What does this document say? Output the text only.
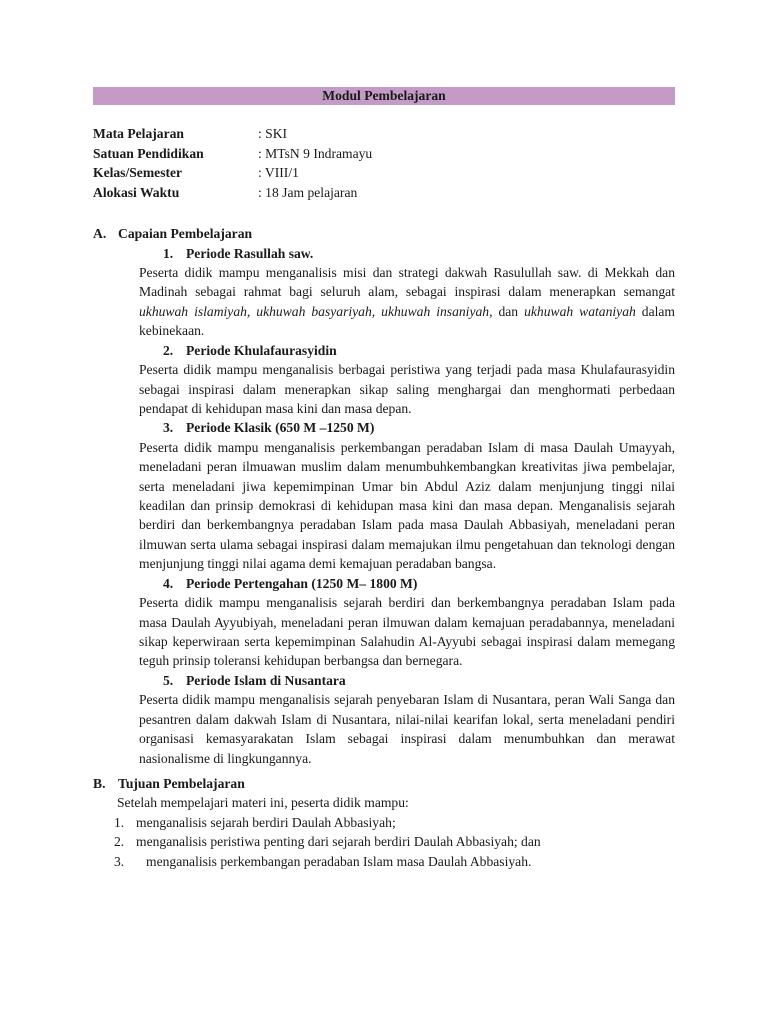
Modul Pembelajaran
Mata Pelajaran	: SKI
Satuan Pendidikan	: MTsN 9 Indramayu
Kelas/Semester	: VIII/1
Alokasi Waktu	: 18 Jam pelajaran
A. Capaian Pembelajaran
1. Periode Rasullah saw.
Peserta didik mampu menganalisis misi dan strategi dakwah Rasulullah saw. di Mekkah dan Madinah sebagai rahmat bagi seluruh alam, sebagai inspirasi dalam menerapkan semangat ukhuwah islamiyah, ukhuwah basyariyah, ukhuwah insaniyah, dan ukhuwah wataniyah dalam kebinekaan.
2. Periode Khulafaurasyidin
Peserta didik mampu menganalisis berbagai peristiwa yang terjadi pada masa Khulafaurasyidin sebagai inspirasi dalam menerapkan sikap saling menghargai dan menghormati perbedaan pendapat di kehidupan masa kini dan masa depan.
3. Periode Klasik (650 M –1250 M)
Peserta didik mampu menganalisis perkembangan peradaban Islam di masa Daulah Umayyah, meneladani peran ilmuawan muslim dalam menumbuhkembangkan kreativitas jiwa pembelajar, serta meneladani jiwa kepemimpinan Umar bin Abdul Aziz dalam menjunjung tinggi nilai keadilan dan prinsip demokrasi di kehidupan masa kini dan masa depan. Menganalisis sejarah berdiri dan berkembangnya peradaban Islam pada masa Daulah Abbasiyah, meneladani peran ilmuwan serta ulama sebagai inspirasi dalam memajukan ilmu pengetahuan dan teknologi dengan menjunjung tinggi nilai agama demi kemajuan peradaban bangsa.
4. Periode Pertengahan (1250 M– 1800 M)
Peserta didik mampu menganalisis sejarah berdiri dan berkembangnya peradaban Islam pada masa Daulah Ayyubiyah, meneladani peran ilmuwan dalam kemajuan peradabannya, meneladani sikap keperwiraan serta kepemimpinan Salahudin Al-Ayyubi sebagai inspirasi dalam memegang teguh prinsip toleransi kehidupan berbangsa dan bernegara.
5. Periode Islam di Nusantara
Peserta didik mampu menganalisis sejarah penyebaran Islam di Nusantara, peran Wali Sanga dan pesantren dalam dakwah Islam di Nusantara, nilai-nilai kearifan lokal, serta meneladani pendiri organisasi kemasyarakatan Islam sebagai inspirasi dalam menumbuhkan dan merawat nasionalisme di lingkungannya.
B. Tujuan Pembelajaran
Setelah mempelajari materi ini, peserta didik mampu:
1. menganalisis sejarah berdiri Daulah Abbasiyah;
2. menganalisis peristiwa penting dari sejarah berdiri Daulah Abbasiyah; dan
3.	menganalisis perkembangan peradaban Islam masa Daulah Abbasiyah.
